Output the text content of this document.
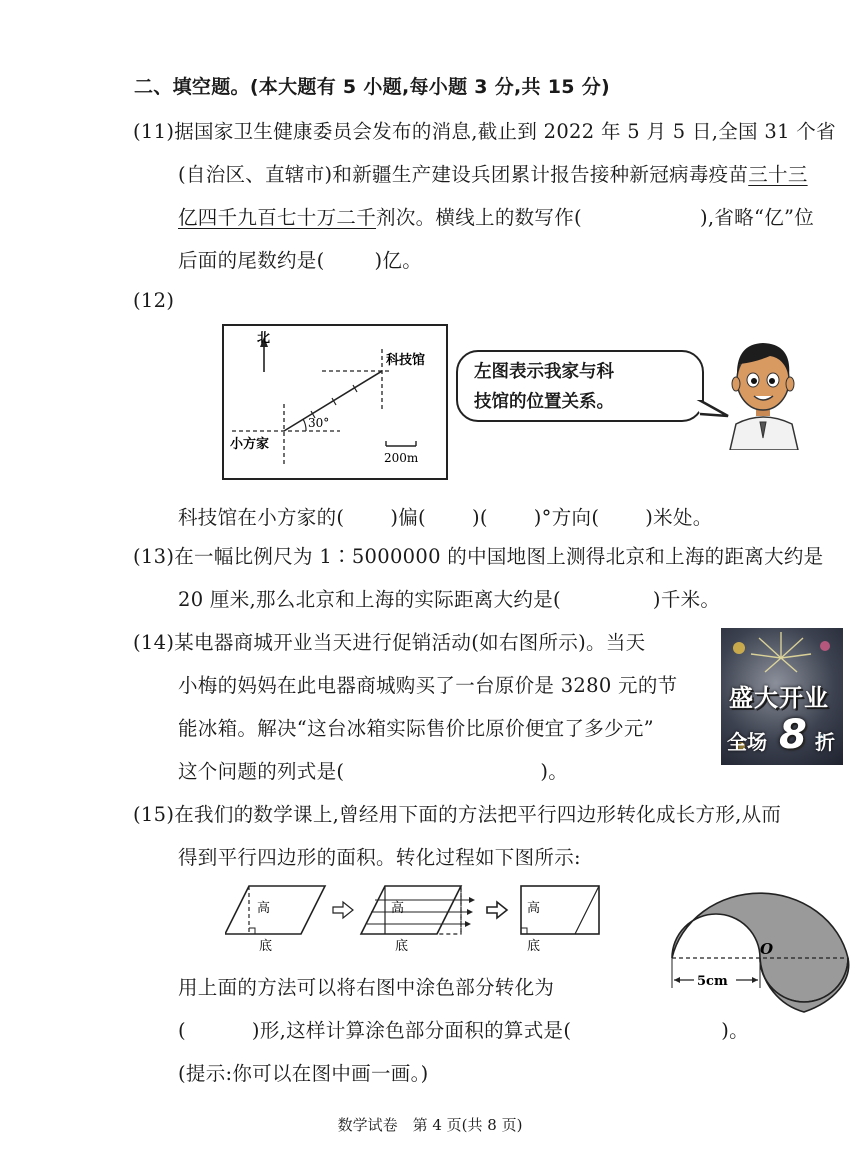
二、填空题。(本大题有 5 小题,每小题 3 分,共 15 分)
(11)据国家卫生健康委员会发布的消息,截止到 2022 年 5 月 5 日,全国 31 个省
(自治区、直辖市)和新疆生产建设兵团累计报告接种新冠病毒疫苗三十三
亿四千九百七十万二千剂次。横线上的数写作(	),省略“亿”位
后面的尾数约是(	)亿。
(12)
北
30°
科技馆
小方家
200m
左图表示我家与科
技馆的位置关系。
科技馆在小方家的( )偏( )( )°方向( )米处。
(13)在一幅比例尺为 1∶5000000 的中国地图上测得北京和上海的距离大约是
20 厘米,那么北京和上海的实际距离大约是(	)千米。
(14)某电器商城开业当天进行促销活动(如右图所示)。当天
小梅的妈妈在此电器商城购买了一台原价是 3280 元的节
能冰箱。解决“这台冰箱实际售价比原价便宜了多少元”
这个问题的列式是(	)。
盛大开业
全场 8 折
(15)在我们的数学课上,曾经用下面的方法把平行四边形转化成长方形,从而
得到平行四边形的面积。转化过程如下图所示:
高
底
高
底
高
底
5cm
O
用上面的方法可以将右图中涂色部分转化为
(	)形,这样计算涂色部分面积的算式是(	)。
(提示:你可以在图中画一画。)
数学试卷　第 4 页(共 8 页)
